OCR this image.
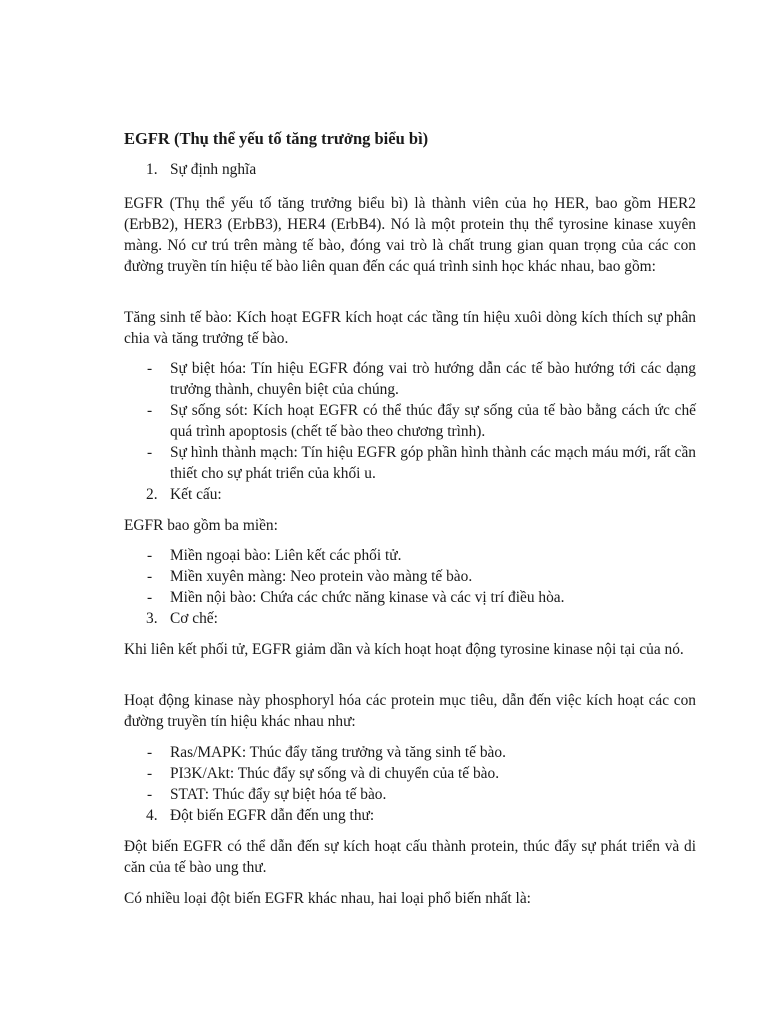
EGFR (Thụ thể yếu tố tăng trưởng biểu bì)
1. Sự định nghĩa

EGFR (Thụ thể yếu tố tăng trưởng biểu bì) là thành viên của họ HER, bao gồm HER2 (ErbB2), HER3 (ErbB3), HER4 (ErbB4). Nó là một protein thụ thể tyrosine kinase xuyên màng. Nó cư trú trên màng tế bào, đóng vai trò là chất trung gian quan trọng của các con đường truyền tín hiệu tế bào liên quan đến các quá trình sinh học khác nhau, bao gồm:

Tăng sinh tế bào: Kích hoạt EGFR kích hoạt các tầng tín hiệu xuôi dòng kích thích sự phân chia và tăng trưởng tế bào.

- Sự biệt hóa: Tín hiệu EGFR đóng vai trò hướng dẫn các tế bào hướng tới các dạng trưởng thành, chuyên biệt của chúng.
- Sự sống sót: Kích hoạt EGFR có thể thúc đẩy sự sống của tế bào bằng cách ức chế quá trình apoptosis (chết tế bào theo chương trình).
- Sự hình thành mạch: Tín hiệu EGFR góp phần hình thành các mạch máu mới, rất cần thiết cho sự phát triển của khối u.
2. Kết cấu:

EGFR bao gồm ba miền:

- Miền ngoại bào: Liên kết các phối tử.
- Miền xuyên màng: Neo protein vào màng tế bào.
- Miền nội bào: Chứa các chức năng kinase và các vị trí điều hòa.
3. Cơ chế:

Khi liên kết phối tử, EGFR giảm dần và kích hoạt hoạt động tyrosine kinase nội tại của nó.

Hoạt động kinase này phosphoryl hóa các protein mục tiêu, dẫn đến việc kích hoạt các con đường truyền tín hiệu khác nhau như:

- Ras/MAPK: Thúc đẩy tăng trưởng và tăng sinh tế bào.
- PI3K/Akt: Thúc đẩy sự sống và di chuyển của tế bào.
- STAT: Thúc đẩy sự biệt hóa tế bào.
4. Đột biến EGFR dẫn đến ung thư:

Đột biến EGFR có thể dẫn đến sự kích hoạt cấu thành protein, thúc đẩy sự phát triển và di căn của tế bào ung thư.

Có nhiều loại đột biến EGFR khác nhau, hai loại phổ biến nhất là:
